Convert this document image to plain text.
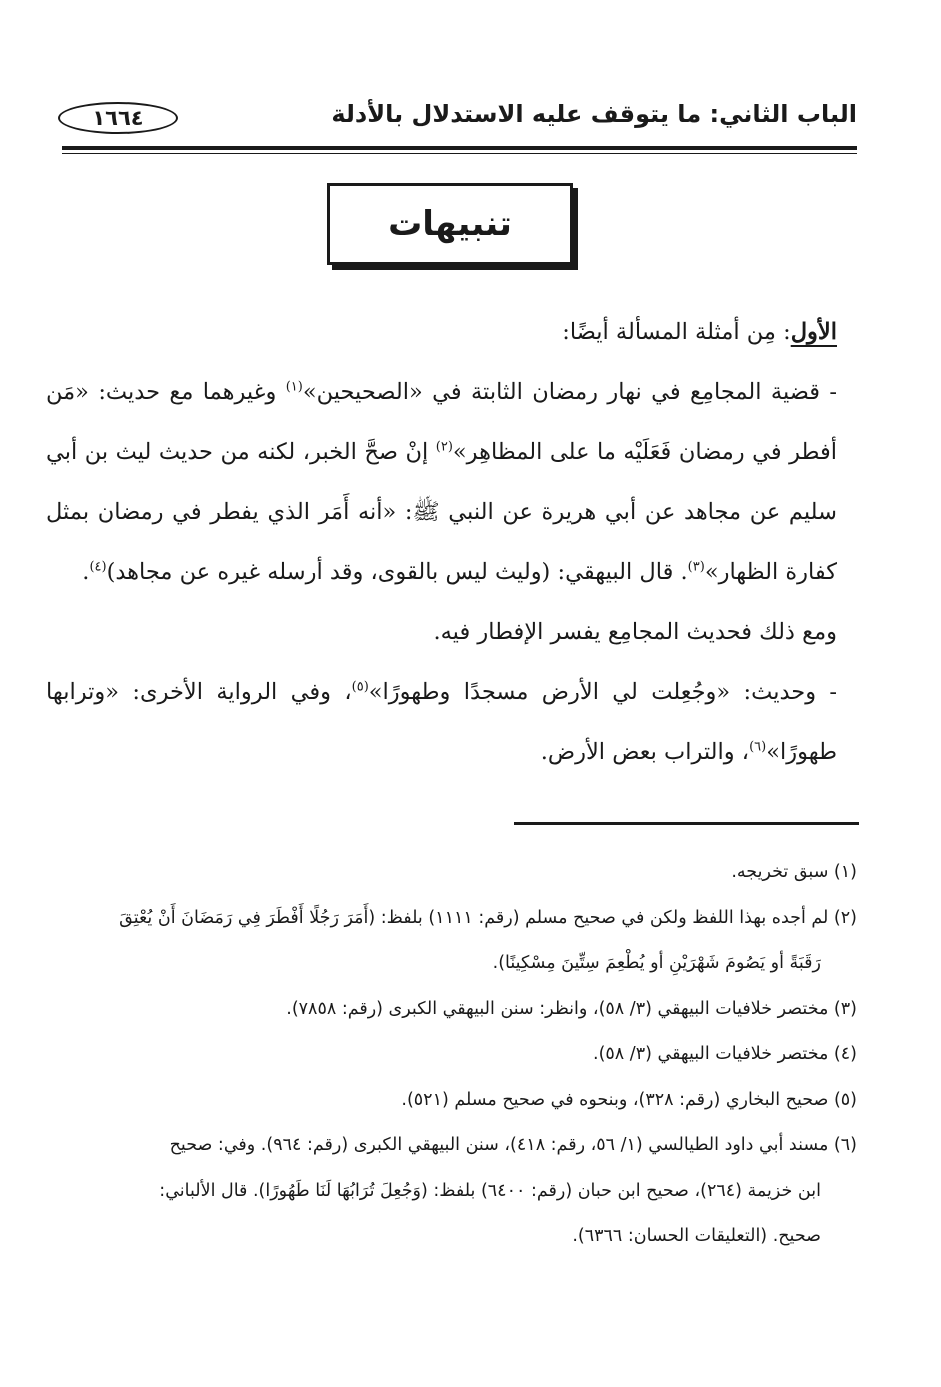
الباب الثاني: ما يتوقف عليه الاستدلال بالأدلة
١٦٦٤
تنبيهات

الأول: مِن أمثلة المسألة أيضًا:

- قضية المجامِع في نهار رمضان الثابتة في «الصحيحين»$^{(١)}$ وغيرهما مع حديث: «مَن أفطر في رمضان فَعَلَيْه ما على المظاهِر»$^{(٢)}$ إنْ صحَّ الخبر، لكنه من حديث ليث بن أبي سليم عن مجاهد عن أبي هريرة عن النبي ﷺ: «أنه أَمَر الذي يفطر في رمضان بمثل كفارة الظهار»$^{(٣)}$. قال البيهقي: (وليث ليس بالقوى، وقد أرسله غيره عن مجاهد)$^{(٤)}$.

ومع ذلك فحديث المجامِع يفسر الإفطار فيه.

- وحديث: «وجُعِلت لي الأرض مسجدًا وطهورًا»$^{(٥)}$، وفي الرواية الأخرى: «وترابها طهورًا»$^{(٦)}$، والتراب بعض الأرض.

(١) سبق تخريجه.

(٢) لم أجده بهذا اللفظ ولكن في صحيح مسلم (رقم: ١١١١) بلفظ: (أَمَرَ رَجُلًا أَفْطَرَ فِي رَمَضَانَ أَنْ يُعْتِقَ

رَقَبَةً أو يَصُومَ شَهْرَيْنِ أو يُطْعِمَ سِتِّينَ مِسْكِينًا).

(٣) مختصر خلافيات البيهقي (٣/ ٥٨)، وانظر: سنن البيهقي الكبرى (رقم: ٧٨٥٨).

(٤) مختصر خلافيات البيهقي (٣/ ٥٨).

(٥) صحيح البخاري (رقم: ٣٢٨)، وبنحوه في صحيح مسلم (٥٢١).

(٦) مسند أبي داود الطيالسي (١/ ٥٦، رقم: ٤١٨)، سنن البيهقي الكبرى (رقم: ٩٦٤). وفي: صحيح

ابن خزيمة (٢٦٤)، صحيح ابن حبان (رقم: ٦٤٠٠) بلفظ: (وَجُعِلَ تُرَابُهَا لَنَا طَهُورًا). قال الألباني:

صحيح. (التعليقات الحسان: ٦٣٦٦).
